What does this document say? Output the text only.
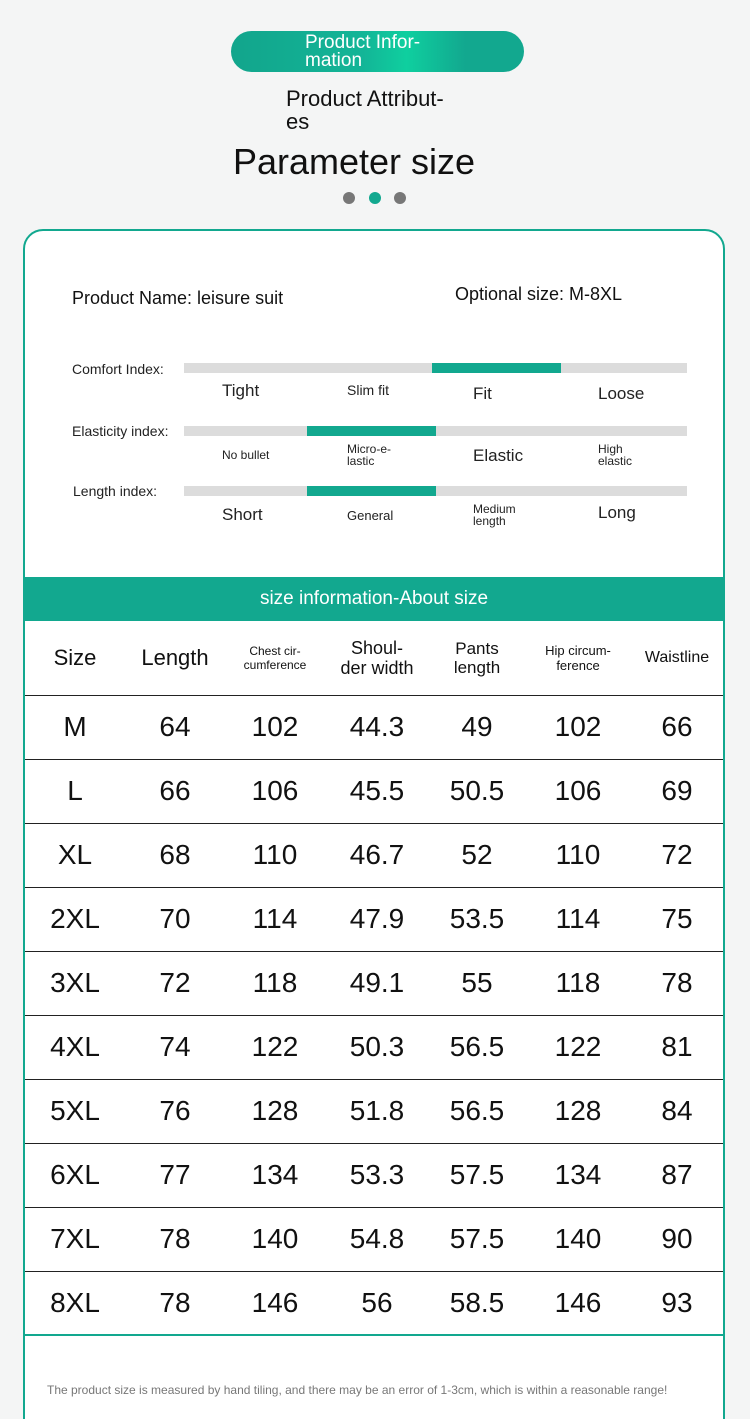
Product Infor-
mation
Product Attribut-
es
Parameter size
Product Name: leisure suit	Optional size: M-8XL
Comfort Index:
Tight	Slim fit	Fit	Loose
Elasticity index:
No bullet	Micro-e-
lastic	Elastic	High
elastic
Length index:
Short	General	Medium
length	Long
size information-About size
Size	Length	Chest cir-
cumference	Shoul-
der width	Pants
length	Hip circum-
ference	Waistline
M	64	102	44.3	49	102	66
L	66	106	45.5	50.5	106	69
XL	68	110	46.7	52	110	72
2XL	70	114	47.9	53.5	114	75
3XL	72	118	49.1	55	118	78
4XL	74	122	50.3	56.5	122	81
5XL	76	128	51.8	56.5	128	84
6XL	77	134	53.3	57.5	134	87
7XL	78	140	54.8	57.5	140	90
8XL	78	146	56	58.5	146	93
The product size is measured by hand tiling, and there may be an error of 1-3cm, which is within a reasonable range!
